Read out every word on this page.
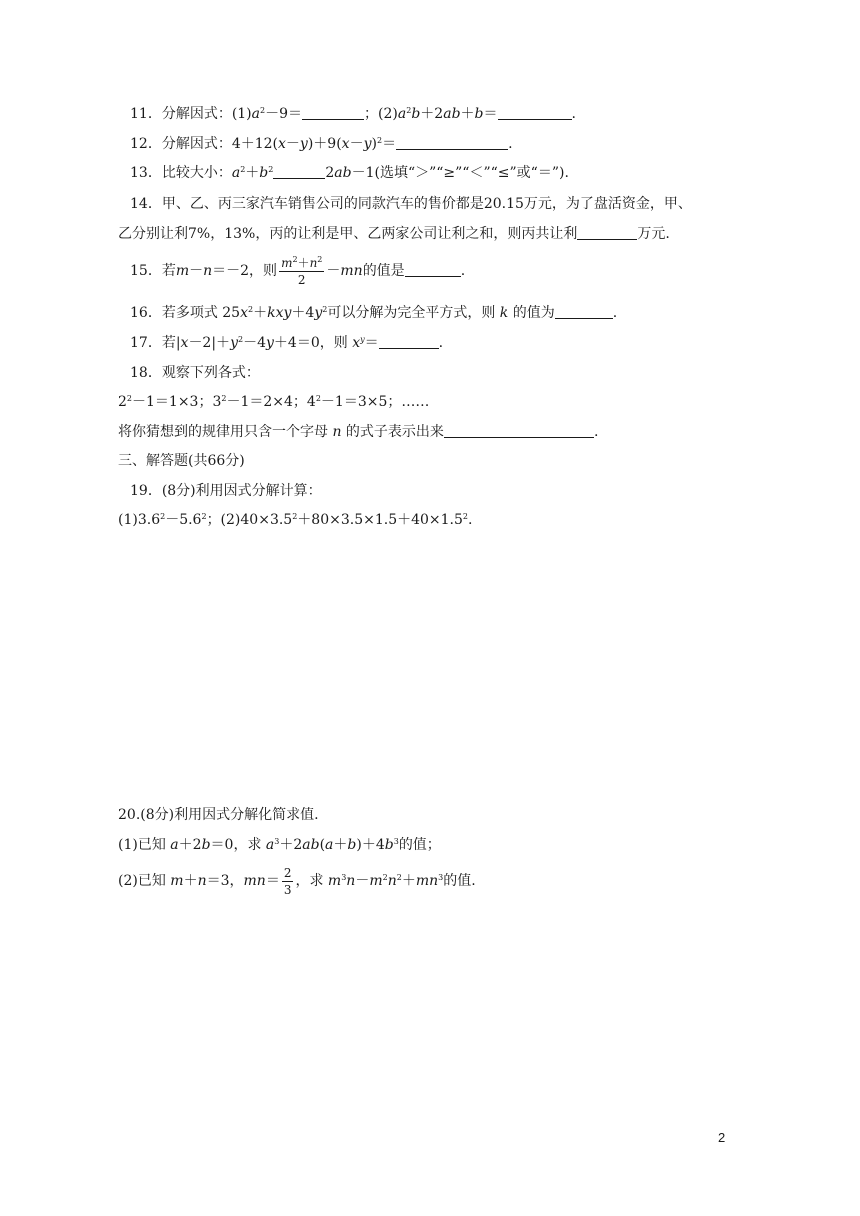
11．分解因式：$(1)a^2-9=$	；$(2)a^2b+2ab+b=$	.
12．分解因式：$4+12(x-y)+9(x-y)^2=$	.
13．比较大小：$a^2+b^2$	2ab－1(选填“＞”“≥”“＜”“≤”或“＝”).
14．甲、乙、丙三家汽车销售公司的同款汽车的售价都是20.15万元，为了盘活资金，甲、
乙分别让利7%，13%，丙的让利是甲、乙两家公司让利之和，则丙共让利	万元.
15．若m－n＝－2，则 $\frac{m^2+n^2}{2} -mn$的值是	.
16．若多项式 $25x^2+kxy+4y^2$可以分解为完全平方式，则 k 的值为	.
17．若$|x-2|+y^2-4y+4=0$，则 $x^y=$	.
18．观察下列各式：
$2^2-1=1\times 3$；$3^2-1=2\times 4$；$4^2-1=3\times 5$；……
将你猜想到的规律用只含一个字母 n 的式子表示出来	.
三、解答题(共66分)
19．(8分)利用因式分解计算：
$(1)3.6^2-5.6^2$；$(2)40\times 3.5^2+80\times 3.5\times 1.5+40\times 1.5^2$.
20.(8分)利用因式分解化简求值.
(1)已知 a＋2b＝0，求 $a^3+2ab(a+b)+4b^3$的值；
(2)已知 m＋n＝3，$mn= \frac{2}{3}$ ，求 $m^3n-m^2n^2+mn^3$的值.
2
